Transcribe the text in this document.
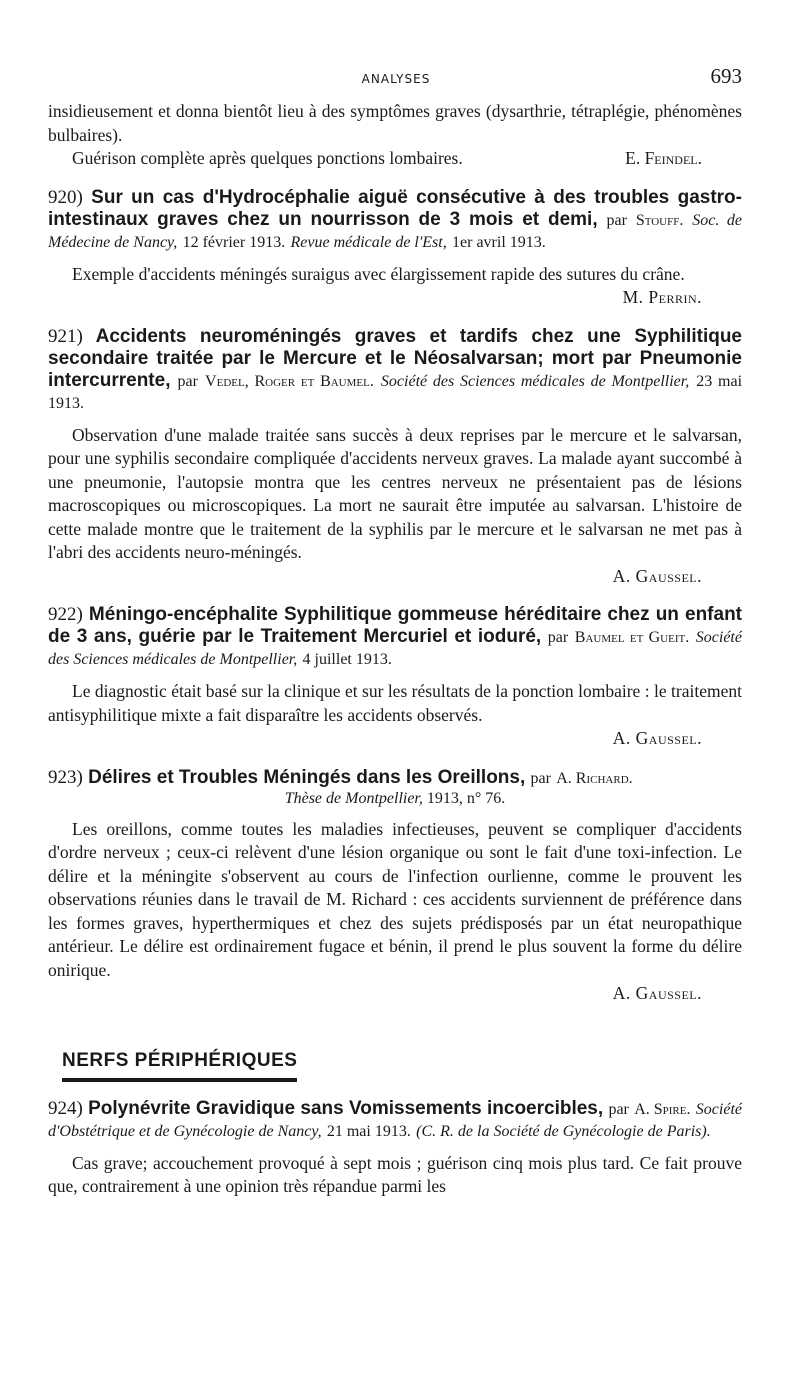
ANALYSES	693

insidieusement et donna bientôt lieu à des symptômes graves (dysarthrie, tétraplégie, phénomènes bulbaires).

Guérison complète après quelques ponctions lombaires.	E. Feindel.

920) Sur un cas d'Hydrocéphalie aiguë consécutive à des troubles gastro-intestinaux graves chez un nourrisson de 3 mois et demi, par Stouff. Soc. de Médecine de Nancy, 12 février 1913. Revue médicale de l'Est, 1er avril 1913.

Exemple d'accidents méningés suraigus avec élargissement rapide des sutures du crâne.

M. Perrin.

921) Accidents neuroméningés graves et tardifs chez une Syphilitique secondaire traitée par le Mercure et le Néosalvarsan; mort par Pneumonie intercurrente, par Vedel, Roger et Baumel. Société des Sciences médicales de Montpellier, 23 mai 1913.

Observation d'une malade traitée sans succès à deux reprises par le mercure et le salvarsan, pour une syphilis secondaire compliquée d'accidents nerveux graves. La malade ayant succombé à une pneumonie, l'autopsie montra que les centres nerveux ne présentaient pas de lésions macroscopiques ou microscopiques. La mort ne saurait être imputée au salvarsan. L'histoire de cette malade montre que le traitement de la syphilis par le mercure et le salvarsan ne met pas à l'abri des accidents neuro-méningés.

A. Gaussel.

922) Méningo-encéphalite Syphilitique gommeuse héréditaire chez un enfant de 3 ans, guérie par le Traitement Mercuriel et ioduré, par Baumel et Gueit. Société des Sciences médicales de Montpellier, 4 juillet 1913.

Le diagnostic était basé sur la clinique et sur les résultats de la ponction lombaire : le traitement antisyphilitique mixte a fait disparaître les accidents observés.

A. Gaussel.

923) Délires et Troubles Méningés dans les Oreillons, par A. Richard.

Thèse de Montpellier, 1913, n° 76.

Les oreillons, comme toutes les maladies infectieuses, peuvent se compliquer d'accidents d'ordre nerveux ; ceux-ci relèvent d'une lésion organique ou sont le fait d'une toxi-infection. Le délire et la méningite s'observent au cours de l'infection ourlienne, comme le prouvent les observations réunies dans le travail de M. Richard : ces accidents surviennent de préférence dans les formes graves, hyperthermiques et chez des sujets prédisposés par un état neuropathique antérieur. Le délire est ordinairement fugace et bénin, il prend le plus souvent la forme du délire onirique.

A. Gaussel.

NERFS PÉRIPHÉRIQUES

924) Polynévrite Gravidique sans Vomissements incoercibles, par A. Spire. Société d'Obstétrique et de Gynécologie de Nancy, 21 mai 1913. (C. R. de la Société de Gynécologie de Paris).

Cas grave; accouchement provoqué à sept mois ; guérison cinq mois plus tard. Ce fait prouve que, contrairement à une opinion très répandue parmi les
